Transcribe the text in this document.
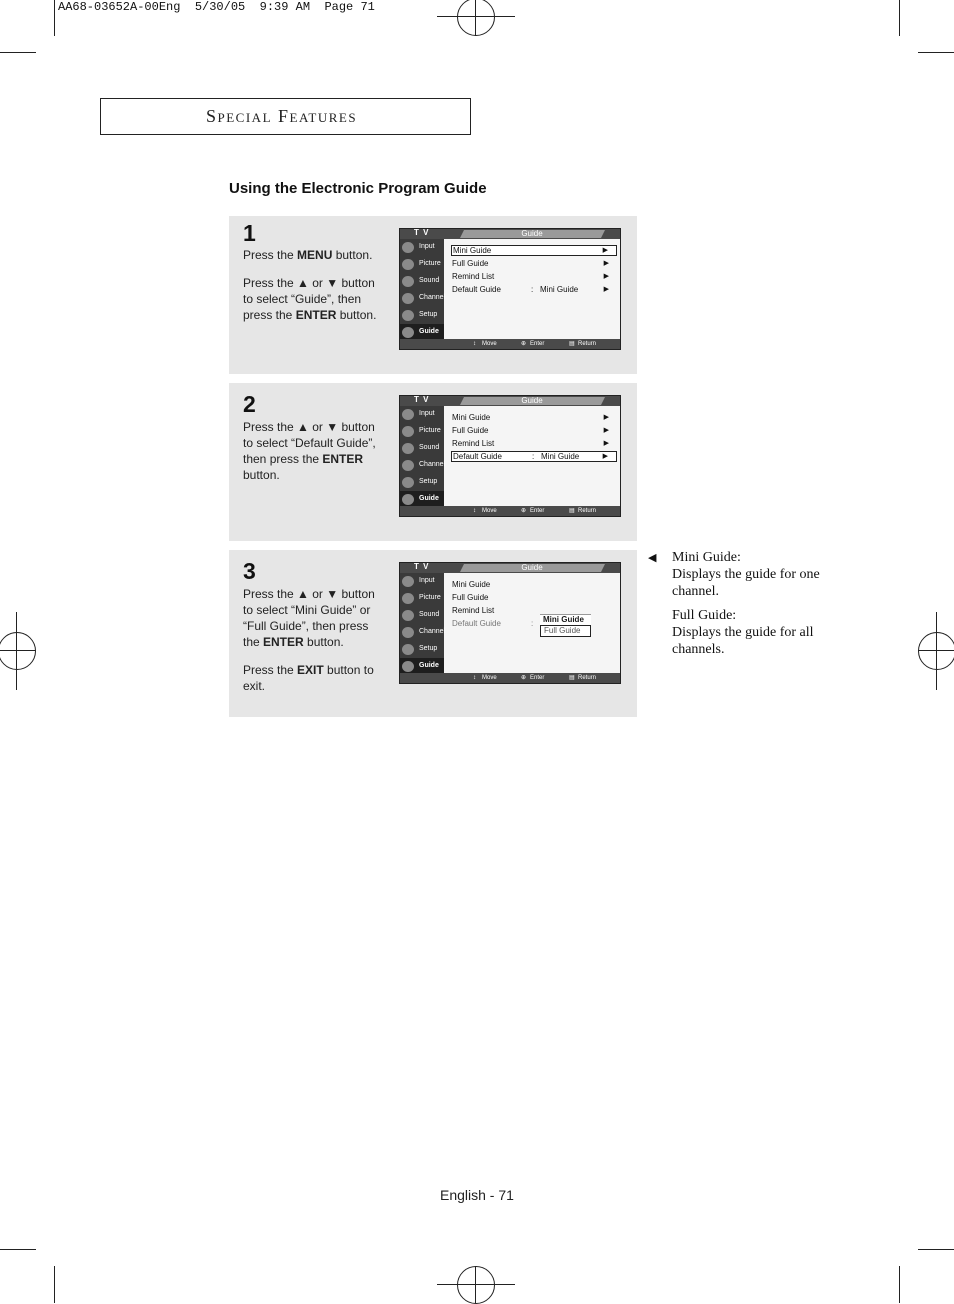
AA68-03652A-00Eng  5/30/05  9:39 AM  Page 71
Special Features
Using the Electronic Program Guide
1

Press the MENU button.

Press the ▲ or ▼ button to select “Guide”, then press the ENTER button.

T V	Guide
Input
Picture
Sound
Channel
Setup
Guide
Mini Guide	▶
Full Guide	▶
Remind List	▶
Default Guide	: Mini Guide	▶
↕ Move	⊕ Enter	▤ Return
2

Press the ▲ or ▼ button to select “Default Guide”, then press the ENTER button.

T V	Guide
Input
Picture
Sound
Channel
Setup
Guide
Mini Guide	▶
Full Guide	▶
Remind List	▶
Default Guide	: Mini Guide	▶
↕ Move	⊕ Enter	▤ Return
3

Press the ▲ or ▼ button to select “Mini Guide” or “Full Guide”, then press the ENTER button.

Press the EXIT button to exit.

T V	Guide
Input
Picture
Sound
Channel
Setup
Guide
Mini Guide
Full Guide
Remind List
Default Guide	:	Mini Guide
Full Guide
↕ Move	⊕ Enter	▤ Return
◀ Mini Guide:
Displays the guide for one channel.
Full Guide:
Displays the guide for all channels.
English - 71
